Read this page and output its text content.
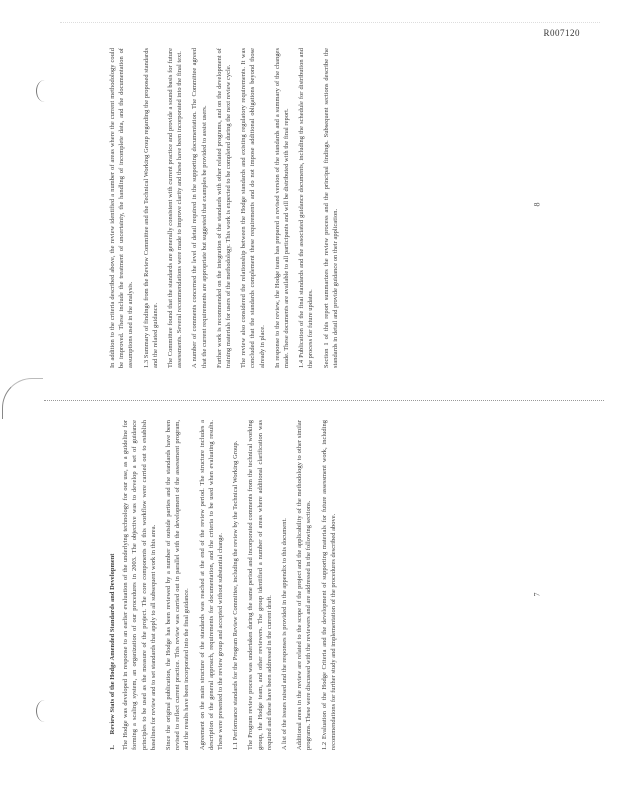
R007120

1. Review Stats of the Hodge Amended Standards and Development The Hodge was developed in response to an earlier evaluation of the underlying technology for our use, as a guideline for forming a scaling system, an organization of our procedures in 2003. The objective was to develop a set of guidance principles to be used as the measure of the project. The core components of this workflow were carried out to establish baselines for review and to set standards that apply to all subsequent work in this area. Since the original publication, the Hodge has been reviewed by a number of outside parties and the standards have been revised to reflect current practice. This review was carried out in parallel with the development of the assessment program, and the results have been incorporated into the final guidance. Agreement on the main structure of the standards was reached at the end of the review period. The structure includes a description of the general approach, requirements for documentation, and the criteria to be used when evaluating results. These were presented to the review group and accepted without substantial change. 1.1 Performance standards for the Program Review Committee, including the review by the Technical Working Group. The Program review process was undertaken during the same period and incorporated comments from the technical working group, the Hodge team, and other reviewers. The group identified a number of areas where additional clarification was required and these have been addressed in the current draft. A list of the issues raised and the responses is provided in the appendix to this document. Additional areas in the review are related to the scope of the project and the applicability of the methodology to other similar programs. These were discussed with the reviewers and are addressed in the following sections. 1.2 Evaluation of the Hodge Criteria and the development of supporting materials for future assessment work, including recommendations for further study and implementation of the procedures described above.

In addition to the criteria described above, the review identified a number of areas where the current methodology could be improved. These include the treatment of uncertainty, the handling of incomplete data, and the documentation of assumptions used in the analysis. 1.3 Summary of findings from the Review Committee and the Technical Working Group regarding the proposed standards and the related guidance. The Committee found that the standards are generally consistent with current practice and provide a sound basis for future assessments. Several recommendations were made to improve clarity and these have been incorporated into the final text. A number of comments concerned the level of detail required in the supporting documentation. The Committee agreed that the current requirements are appropriate but suggested that examples be provided to assist users. Further work is recommended on the integration of the standards with other related programs, and on the development of training materials for users of the methodology. This work is expected to be completed during the next review cycle. The review also considered the relationship between the Hodge standards and existing regulatory requirements. It was concluded that the standards complement these requirements and do not impose additional obligations beyond those already in place. In response to the review, the Hodge team has prepared a revised version of the standards and a summary of the changes made. These documents are available to all participants and will be distributed with the final report. 1.4 Publication of the final standards and the associated guidance documents, including the schedule for distribution and the process for future updates. Section 1 of this report summarizes the review process and the principal findings. Subsequent sections describe the standards in detail and provide guidance on their application.

7
8
